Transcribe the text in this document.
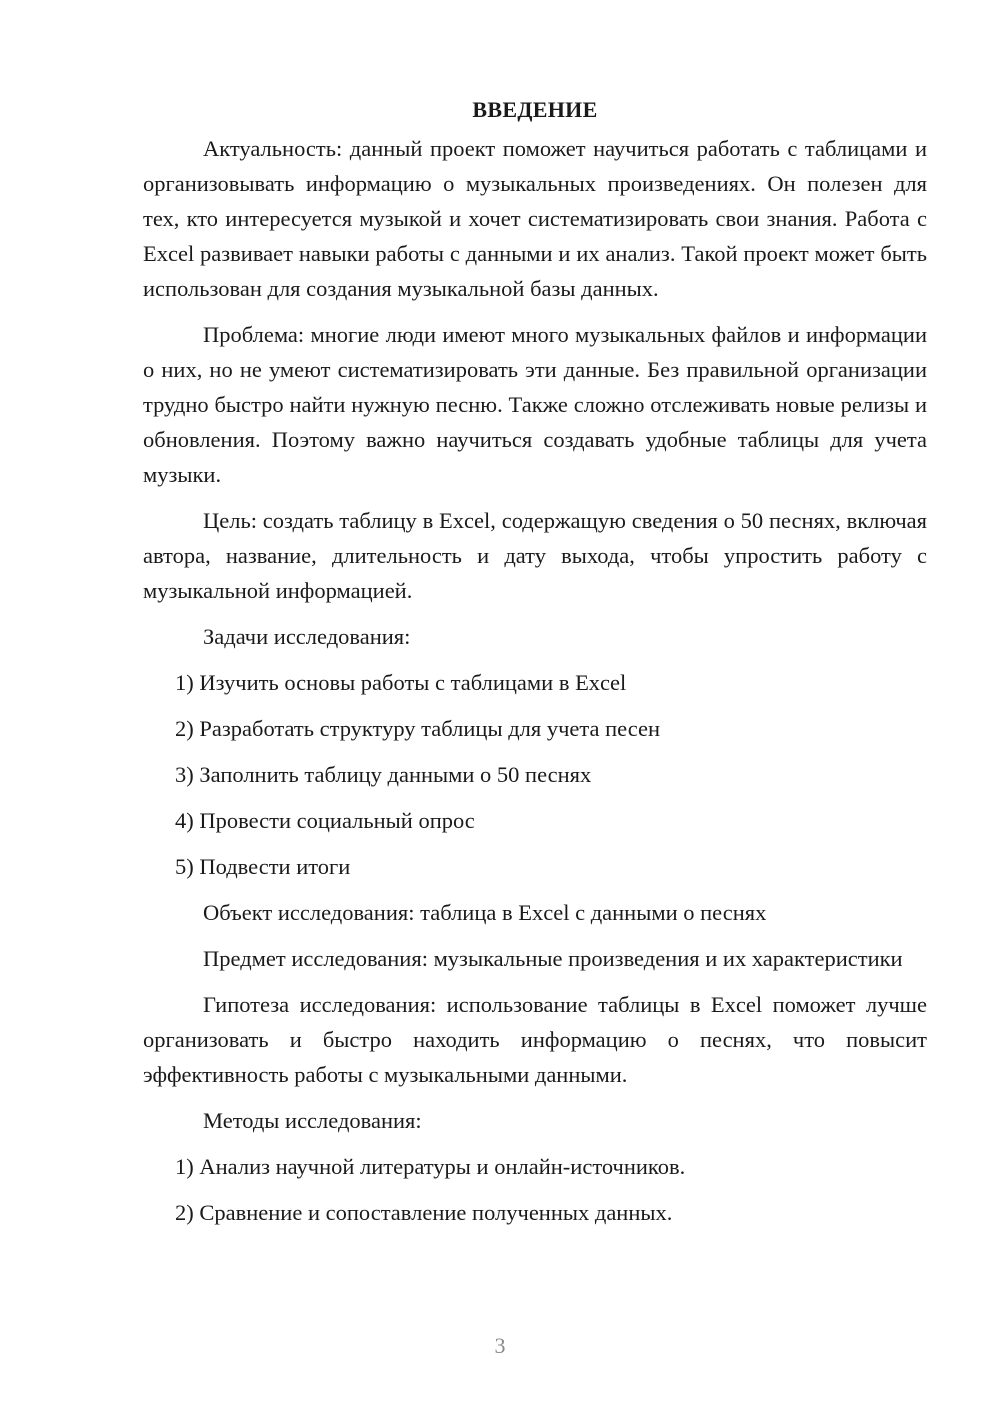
ВВЕДЕНИЕ

Актуальность: данный проект поможет научиться работать с таблицами и организовывать информацию о музыкальных произведениях. Он полезен для тех, кто интересуется музыкой и хочет систематизировать свои знания. Работа с Excel развивает навыки работы с данными и их анализ. Такой проект может быть использован для создания музыкальной базы данных.

Проблема: многие люди имеют много музыкальных файлов и информации о них, но не умеют систематизировать эти данные. Без правильной организации трудно быстро найти нужную песню. Также сложно отслеживать новые релизы и обновления. Поэтому важно научиться создавать удобные таблицы для учета музыки.

Цель: создать таблицу в Excel, содержащую сведения о 50 песнях, включая автора, название, длительность и дату выхода, чтобы упростить работу с музыкальной информацией.

Задачи исследования:

1) Изучить основы работы с таблицами в Excel

2) Разработать структуру таблицы для учета песен

3) Заполнить таблицу данными о 50 песнях

4) Провести социальный опрос

5) Подвести итоги

Объект исследования: таблица в Excel с данными о песнях

Предмет исследования: музыкальные произведения и их характеристики

Гипотеза исследования: использование таблицы в Excel поможет лучше организовать и быстро находить информацию о песнях, что повысит эффективность работы с музыкальными данными.

Методы исследования:

1) Анализ научной литературы и онлайн-источников.

2) Сравнение и сопоставление полученных данных.

3
